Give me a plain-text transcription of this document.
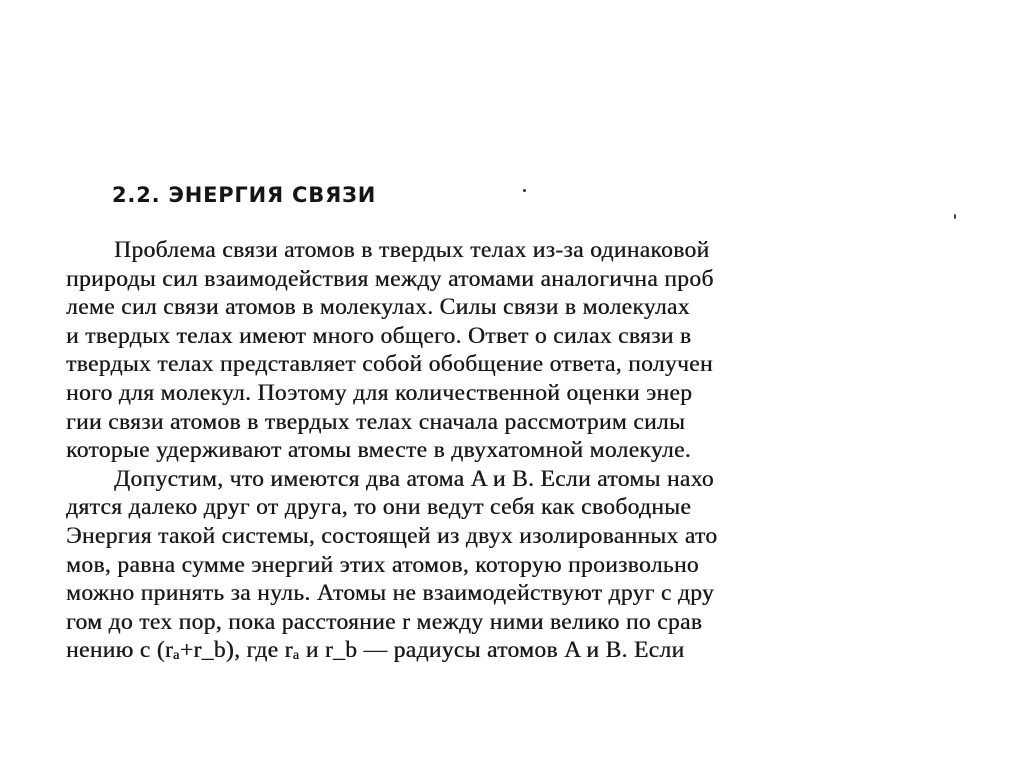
2.2. ЭНЕРГИЯ СВЯЗИ
Проблема связи атомов в твердых телах из-за одинаковой
природы сил взаимодействия между атомами аналогична проб
леме сил связи атомов в молекулах. Силы связи в молекулах
и твердых телах имеют много общего. Ответ о силах связи в
твердых телах представляет собой обобщение ответа, получен
ного для молекул. Поэтому для количественной оценки энер
гии связи атомов в твердых телах сначала рассмотрим силы
которые удерживают атомы вместе в двухатомной молекуле.
Допустим, что имеются два атома A и B. Если атомы нахо
дятся далеко друг от друга, то они ведут себя как свободные
Энергия такой системы, состоящей из двух изолированных ато
мов, равна сумме энергий этих атомов, которую произвольно
можно принять за нуль. Атомы не взаимодействуют друг с дру
гом до тех пор, пока расстояние r между ними велико по срав
нению с (rₐ+r_b), где rₐ и r_b — радиусы атомов A и B. Если
